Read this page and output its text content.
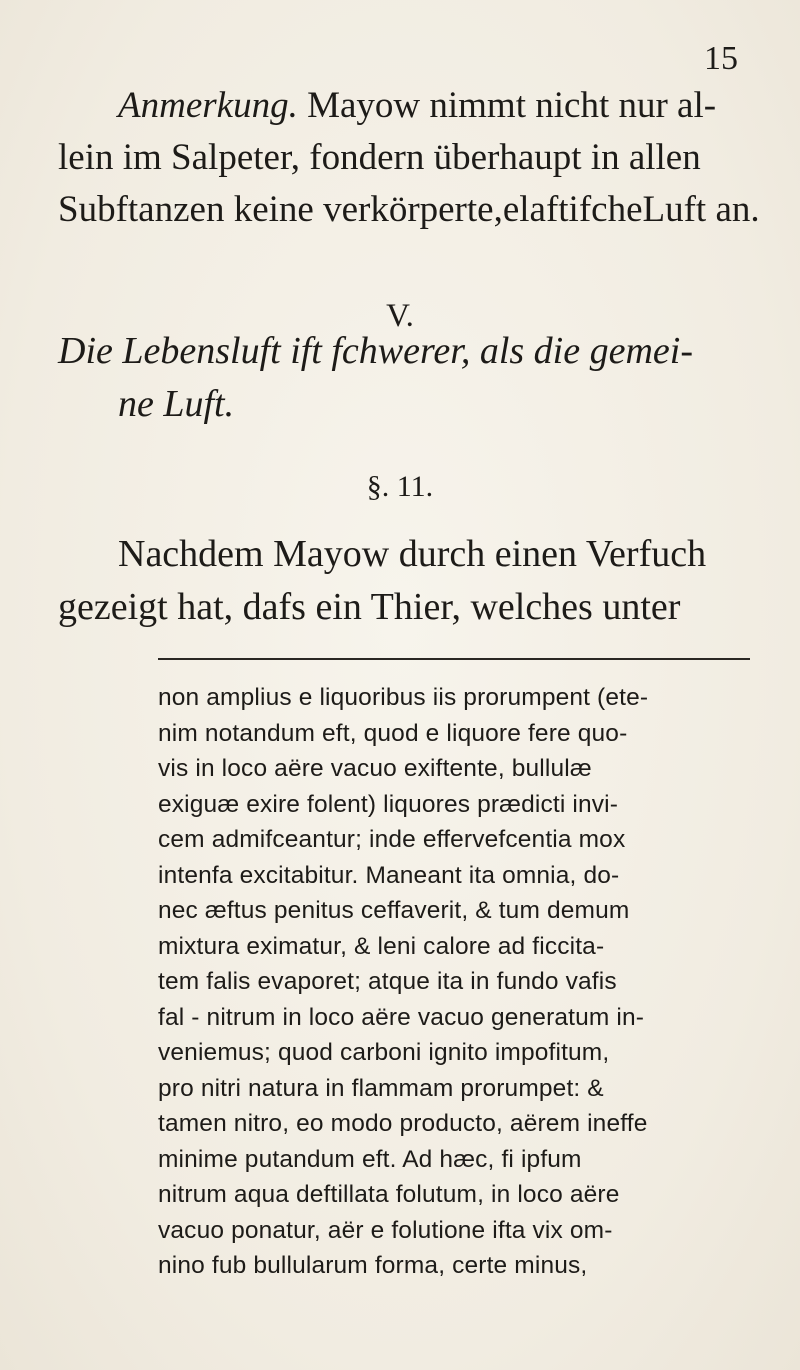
15
Anmerkung. Mayow nimmt nicht nur al-
lein im Salpeter, fondern überhaupt in allen
Subftanzen keine verkörperte,elaftifcheLuft an.
V.
Die Lebensluft ift fchwerer, als die gemei-
ne Luft.
§. 11.
Nachdem Mayow durch einen Verfuch
gezeigt hat, dafs ein Thier, welches unter
non amplius e liquoribus iis prorumpent (ete-
nim notandum eft, quod e liquore fere quo-
vis in loco aëre vacuo exiftente, bullulæ
exiguæ exire folent) liquores prædicti invi-
cem admifceantur; inde effervefcentia mox
intenfa excitabitur. Maneant ita omnia, do-
nec æftus penitus ceffaverit, & tum demum
mixtura eximatur, & leni calore ad ficcita-
tem falis evaporet; atque ita in fundo vafis
fal - nitrum in loco aëre vacuo generatum in-
veniemus; quod carboni ignito impofitum,
pro nitri natura in flammam prorumpet: &
tamen nitro, eo modo producto, aërem ineffe
minime putandum eft. Ad hæc, fi ipfum
nitrum aqua deftillata folutum, in loco aëre
vacuo ponatur, aër e folutione ifta vix om-
nino fub bullularum forma, certe minus,
